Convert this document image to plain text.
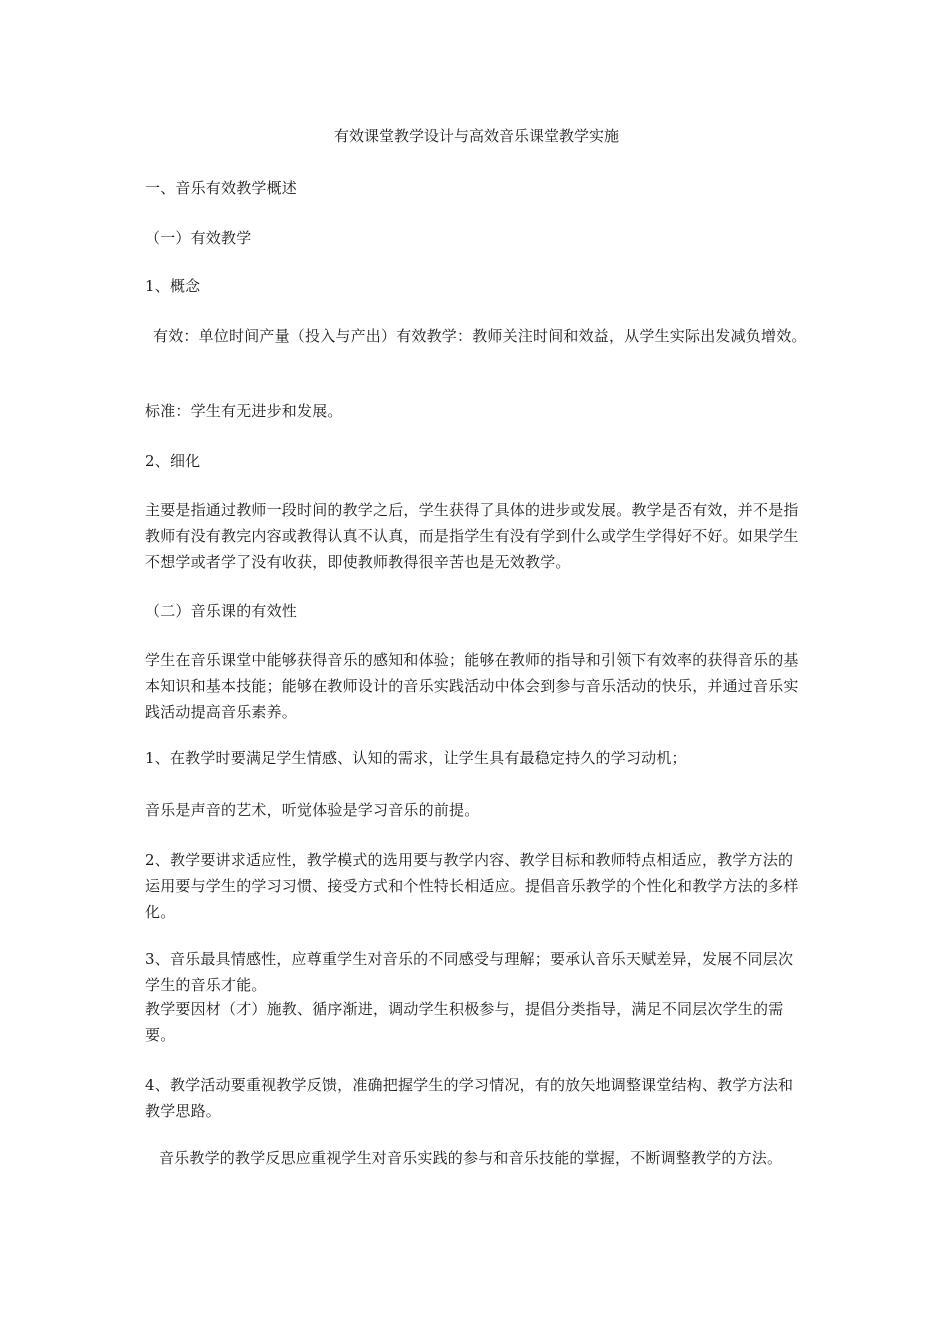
有效课堂教学设计与高效音乐课堂教学实施

一、音乐有效教学概述

（一）有效教学

1、概念

有效：单位时间产量（投入与产出）有效教学：教师关注时间和效益，从学生实际出发减负增效。

标准：学生有无进步和发展。

2、细化

主要是指通过教师一段时间的教学之后，学生获得了具体的进步或发展。教学是否有效，并不是指教师有没有教完内容或教得认真不认真，而是指学生有没有学到什么或学生学得好不好。如果学生不想学或者学了没有收获，即使教师教得很辛苦也是无效教学。

（二）音乐课的有效性

学生在音乐课堂中能够获得音乐的感知和体验；能够在教师的指导和引领下有效率的获得音乐的基本知识和基本技能；能够在教师设计的音乐实践活动中体会到参与音乐活动的快乐，并通过音乐实践活动提高音乐素养。

1、在教学时要满足学生情感、认知的需求，让学生具有最稳定持久的学习动机；

音乐是声音的艺术，听觉体验是学习音乐的前提。

2、教学要讲求适应性，教学模式的选用要与教学内容、教学目标和教师特点相适应，教学方法的运用要与学生的学习习惯、接受方式和个性特长相适应。提倡音乐教学的个性化和教学方法的多样化。

3、音乐最具情感性，应尊重学生对音乐的不同感受与理解；要承认音乐天赋差异，发展不同层次学生的音乐才能。

教学要因材（才）施教、循序渐进，调动学生积极参与，提倡分类指导，满足不同层次学生的需要。

4、教学活动要重视教学反馈，准确把握学生的学习情况，有的放矢地调整课堂结构、教学方法和教学思路。

音乐教学的教学反思应重视学生对音乐实践的参与和音乐技能的掌握，不断调整教学的方法。
